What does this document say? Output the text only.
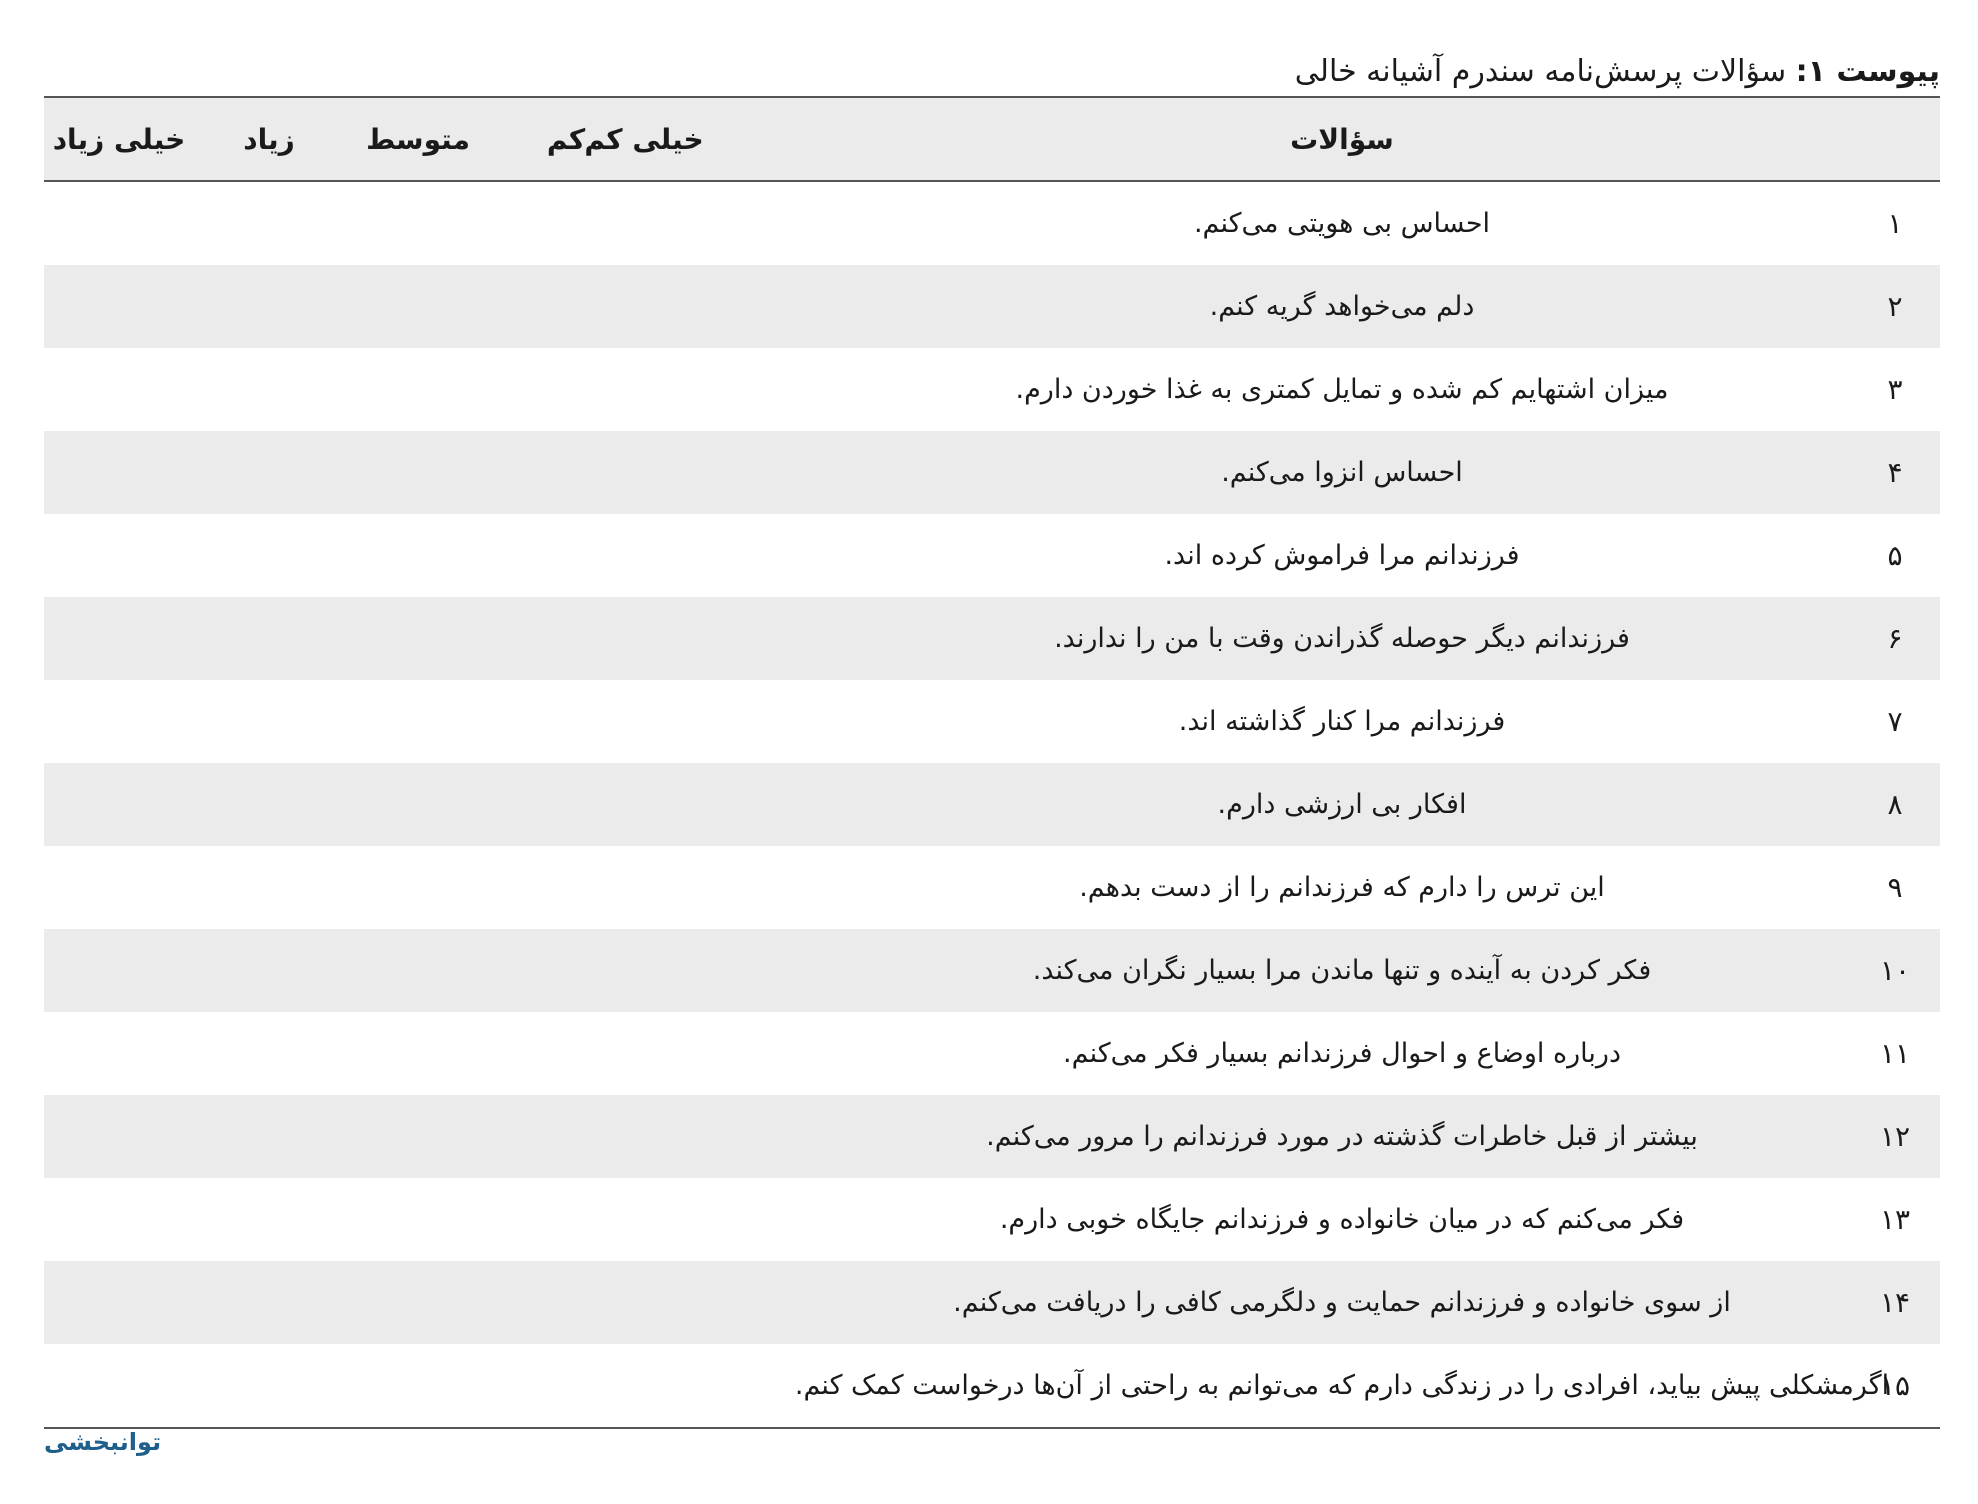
پیوست ۱: سؤالات پرسش‌نامه سندرم آشیانه خالی
سؤالات
خیلی کم
کم
متوسط
زیاد
خیلی زیاد
۱
احساس بی هویتی می‌کنم.
۲
دلم می‌خواهد گریه کنم.
۳
میزان اشتهایم کم شده و تمایل کمتری به غذا خوردن دارم.
۴
احساس انزوا می‌کنم.
۵
فرزندانم مرا فراموش کرده اند.
۶
فرزندانم دیگر حوصله گذراندن وقت با من را ندارند.
۷
فرزندانم مرا کنار گذاشته اند.
۸
افکار بی ارزشی دارم.
۹
این ترس را دارم که فرزندانم را از دست بدهم.
۱۰
فکر کردن به آینده و تنها ماندن مرا بسیار نگران می‌کند.
۱۱
درباره اوضاع و احوال فرزندانم بسیار فکر می‌کنم.
۱۲
بیشتر از قبل خاطرات گذشته در مورد فرزندانم را مرور می‌کنم.
۱۳
فکر می‌کنم که در میان خانواده و فرزندانم جایگاه خوبی دارم.
۱۴
از سوی خانواده و فرزندانم حمایت و دلگرمی کافی را دریافت می‌کنم.
۱۵
اگرمشکلی پیش بیاید، افرادی را در زندگی دارم که می‌توانم به راحتی از آن‌ها درخواست کمک کنم.
توانبخشی
